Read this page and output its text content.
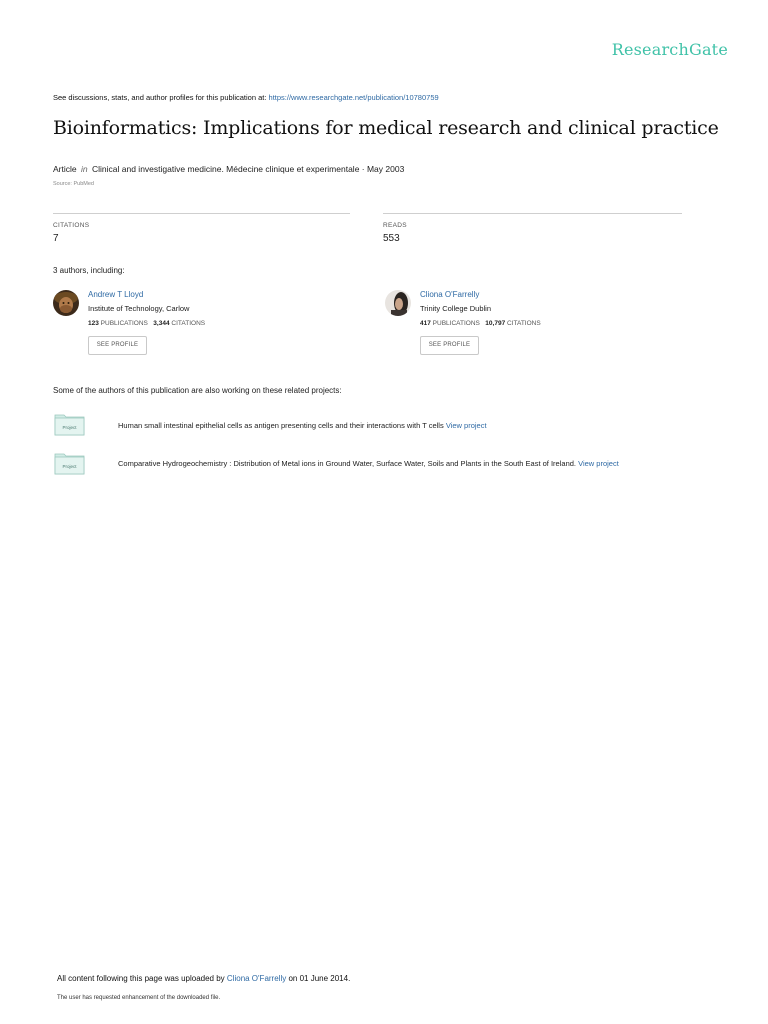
ResearchGate
See discussions, stats, and author profiles for this publication at: https://www.researchgate.net/publication/10780759
Bioinformatics: Implications for medical research and clinical practice
Article in Clinical and investigative medicine. Médecine clinique et experimentale · May 2003
Source: PubMed
CITATIONS
7
READS
553
3 authors, including:
Andrew T Lloyd
Institute of Technology, Carlow
123 PUBLICATIONS 3,344 CITATIONS
SEE PROFILE
Cliona O'Farrelly
Trinity College Dublin
417 PUBLICATIONS 10,797 CITATIONS
SEE PROFILE
Some of the authors of this publication are also working on these related projects:
Project	Human small intestinal epithelial cells as antigen presenting cells and their interactions with T cells View project
Project	Comparative Hydrogeochemistry : Distribution of Metal ions in Ground Water, Surface Water, Soils and Plants in the South East of Ireland. View project
All content following this page was uploaded by Cliona O'Farrelly on 01 June 2014.
The user has requested enhancement of the downloaded file.
